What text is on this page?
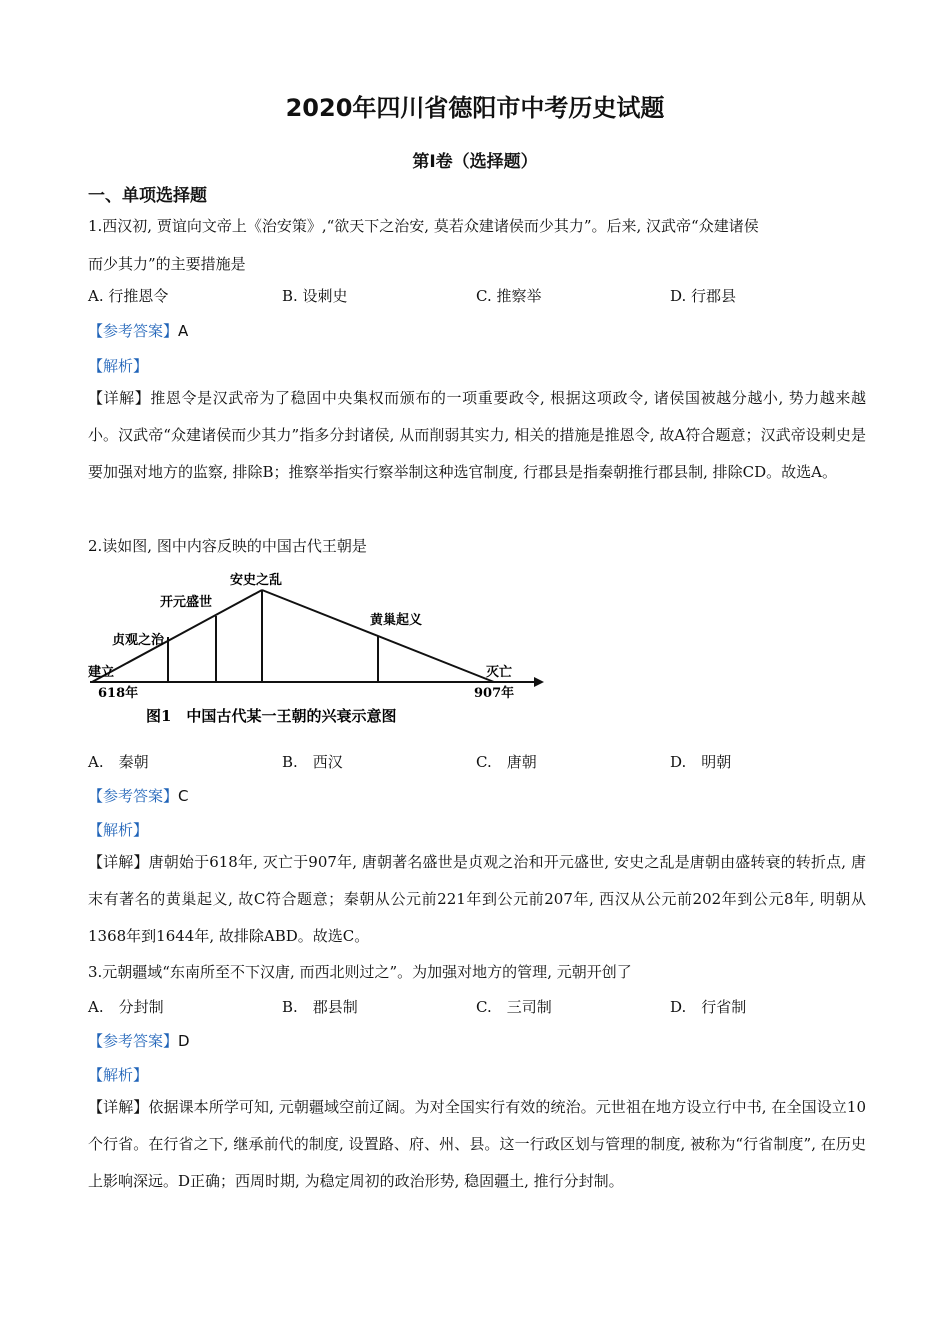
2020年四川省德阳市中考历史试题
第Ⅰ卷（选择题）
一、单项选择题
1.西汉初, 贾谊向文帝上《治安策》,“欲天下之治安, 莫若众建诸侯而少其力”。后来, 汉武帝“众建诸侯
而少其力”的主要措施是
A. 行推恩令	B. 设刺史	C. 推察举	D. 行郡县
【参考答案】A
【解析】
【详解】推恩令是汉武帝为了稳固中央集权而颁布的一项重要政令, 根据这项政令, 诸侯国被越分越小, 势力越来越小。汉武帝“众建诸侯而少其力”指多分封诸侯, 从而削弱其实力, 相关的措施是推恩令, 故A符合题意；汉武帝设刺史是要加强对地方的监察, 排除B；推察举指实行察举制这种选官制度, 行郡县是指秦朝推行郡县制, 排除CD。故选A。
2.读如图, 图中内容反映的中国古代王朝是
建立
贞观之治
开元盛世
安史之乱
黄巢起义
灭亡
618年	907年
图1　中国古代某一王朝的兴衰示意图
A.　秦朝	B.　西汉	C.　唐朝	D.　明朝
【参考答案】C
【解析】
【详解】唐朝始于618年, 灭亡于907年, 唐朝著名盛世是贞观之治和开元盛世, 安史之乱是唐朝由盛转衰的转折点, 唐末有著名的黄巢起义, 故C符合题意；秦朝从公元前221年到公元前207年, 西汉从公元前202年到公元8年, 明朝从1368年到1644年, 故排除ABD。故选C。
3.元朝疆域“东南所至不下汉唐, 而西北则过之”。为加强对地方的管理, 元朝开创了
A.　分封制	B.　郡县制	C.　三司制	D.　行省制
【参考答案】D
【解析】
【详解】依据课本所学可知, 元朝疆域空前辽阔。为对全国实行有效的统治。元世祖在地方设立行中书, 在全国设立10个行省。在行省之下, 继承前代的制度, 设置路、府、州、县。这一行政区划与管理的制度, 被称为“行省制度”, 在历史上影响深远。D正确；西周时期, 为稳定周初的政治形势, 稳固疆土, 推行分封制。
